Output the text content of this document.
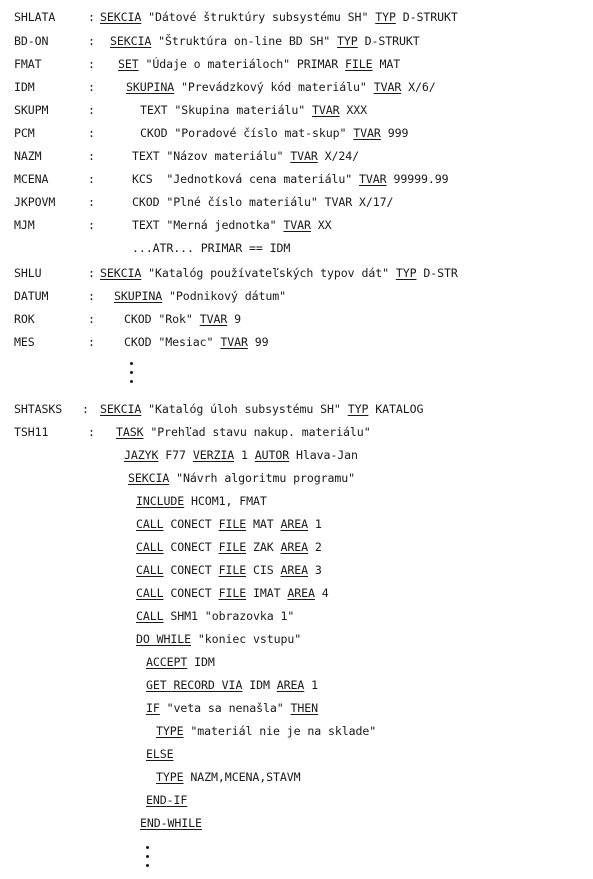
SHLATA	: SEKCIA "Dátové štruktúry subsystému SH" TYP D-STRUKT
BD-ON	: SEKCIA "Štruktúra on-line BD SH" TYP D-STRUKT
FMAT	: SET "Údaje o materiáloch" PRIMAR FILE MAT
IDM	:	SKUPINA "Prevádzkový kód materiálu" TVAR X/6/
SKUPM	:	TEXT "Skupina materiálu" TVAR XXX
PCM	:	CKOD "Poradové číslo mat-skup" TVAR 999
NAZM	:	TEXT "Názov materiálu" TVAR X/24/
MCENA	:	KCS  "Jednotková cena materiálu" TVAR 99999.99
JKPOVM	:	CKOD "Plné číslo materiálu" TVAR X/17/
MJM	:	TEXT "Merná jednotka" TVAR XX
...ATR... PRIMAR == IDM
SHLU	: SEKCIA "Katalóg používateľských typov dát" TYP D-STR
DATUM	: SKUPINA "Podnikový dátum"
ROK	:	CKOD "Rok" TVAR 9
MES	:	CKOD "Mesiac" TVAR 99
SHTASKS : SEKCIA "Katalóg úloh subsystému SH" TYP KATALOG
TSH11	: TASK "Prehľad stavu nakup. materiálu"
JAZYK F77 VERZIA 1 AUTOR Hlava-Jan
SEKCIA "Návrh algoritmu programu"
INCLUDE HCOM1, FMAT
CALL CONECT FILE MAT AREA 1
CALL CONECT FILE ZAK AREA 2
CALL CONECT FILE CIS AREA 3
CALL CONECT FILE IMAT AREA 4
CALL SHM1 "obrazovka 1"
DO WHILE "koniec vstupu"
ACCEPT IDM
GET RECORD VIA IDM AREA 1
IF "veta sa nenašla" THEN
TYPE "materiál nie je na sklade"
ELSE
TYPE NAZM,MCENA,STAVM
END-IF
END-WHILE
